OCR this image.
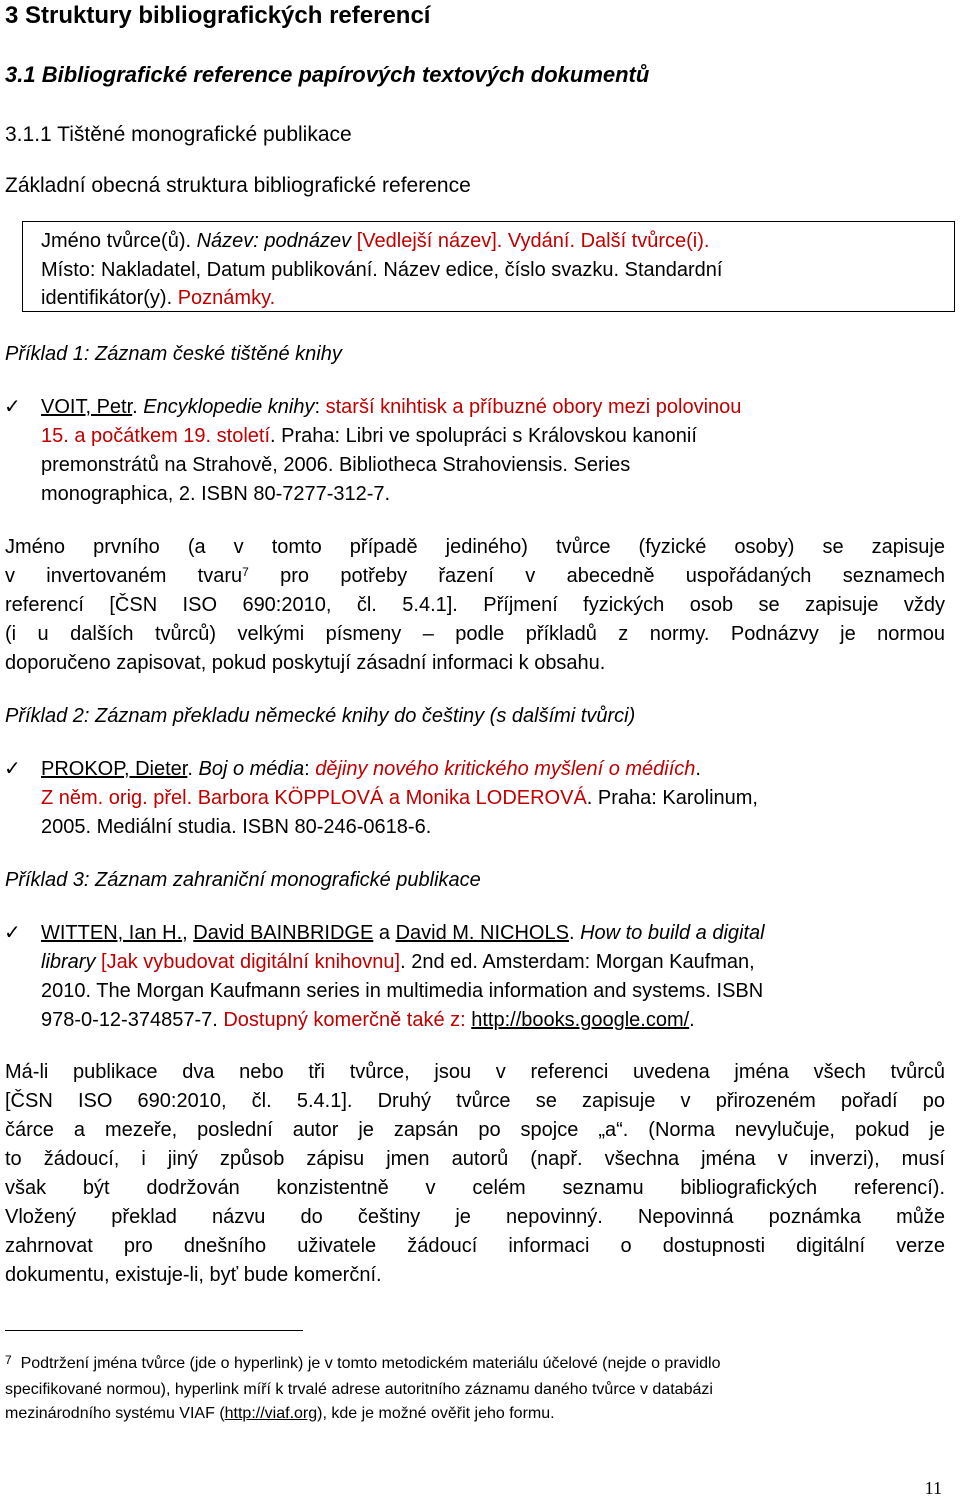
3 Struktury bibliografických referencí
3.1 Bibliografické reference papírových textových dokumentů
3.1.1 Tištěné monografické publikace
Základní obecná struktura bibliografické reference
Jméno tvůrce(ů). Název: podnázev [Vedlejší název]. Vydání. Další tvůrce(i).
Místo: Nakladatel, Datum publikování. Název edice, číslo svazku. Standardní
identifikátor(y). Poznámky.
Příklad 1: Záznam české tištěné knihy
✓ VOIT, Petr. Encyklopedie knihy: starší knihtisk a příbuzné obory mezi polovinou
15. a počátkem 19. století. Praha: Libri ve spolupráci s Královskou kanonií
premonstrátů na Strahově, 2006. Bibliotheca Strahoviensis. Series
monographica, 2. ISBN 80-7277-312-7.
Jméno prvního (a v tomto případě jediného) tvůrce (fyzické osoby) se zapisuje
v invertovaném tvaru$^7$ pro potřeby řazení v abecedně uspořádaných seznamech
referencí [ČSN ISO 690:2010, čl. 5.4.1]. Příjmení fyzických osob se zapisuje vždy
(i u dalších tvůrců) velkými písmeny – podle příkladů z normy. Podnázvy je normou
doporučeno zapisovat, pokud poskytují zásadní informaci k obsahu.
Příklad 2: Záznam překladu německé knihy do češtiny (s dalšími tvůrci)
✓ PROKOP, Dieter. Boj o média: dějiny nového kritického myšlení o médiích.
Z něm. orig. přel. Barbora KÖPPLOVÁ a Monika LODEROVÁ. Praha: Karolinum,
2005. Mediální studia. ISBN 80-246-0618-6.
Příklad 3: Záznam zahraniční monografické publikace
✓ WITTEN, Ian H., David BAINBRIDGE a David M. NICHOLS. How to build a digital
library [Jak vybudovat digitální knihovnu]. 2nd ed. Amsterdam: Morgan Kaufman,
2010. The Morgan Kaufmann series in multimedia information and systems. ISBN
978-0-12-374857-7. Dostupný komerčně také z: http://books.google.com/.
Má-li publikace dva nebo tři tvůrce, jsou v referenci uvedena jména všech tvůrců
[ČSN ISO 690:2010, čl. 5.4.1]. Druhý tvůrce se zapisuje v přirozeném pořadí po
čárce a mezeře, poslední autor je zapsán po spojce „a“. (Norma nevylučuje, pokud je
to žádoucí, i jiný způsob zápisu jmen autorů (např. všechna jména v inverzi), musí
však být dodržován konzistentně v celém seznamu bibliografických referencí).
Vložený překlad názvu do češtiny je nepovinný. Nepovinná poznámka může
zahrnovat pro dnešního uživatele žádoucí informaci o dostupnosti digitální verze
dokumentu, existuje-li, byť bude komerční.
$^7$ Podtržení jména tvůrce (jde o hyperlink) je v tomto metodickém materiálu účelové (nejde o pravidlo
specifikované normou), hyperlink míří k trvalé adrese autoritního záznamu daného tvůrce v databázi
mezinárodního systému VIAF (http://viaf.org), kde je možné ověřit jeho formu.
11
